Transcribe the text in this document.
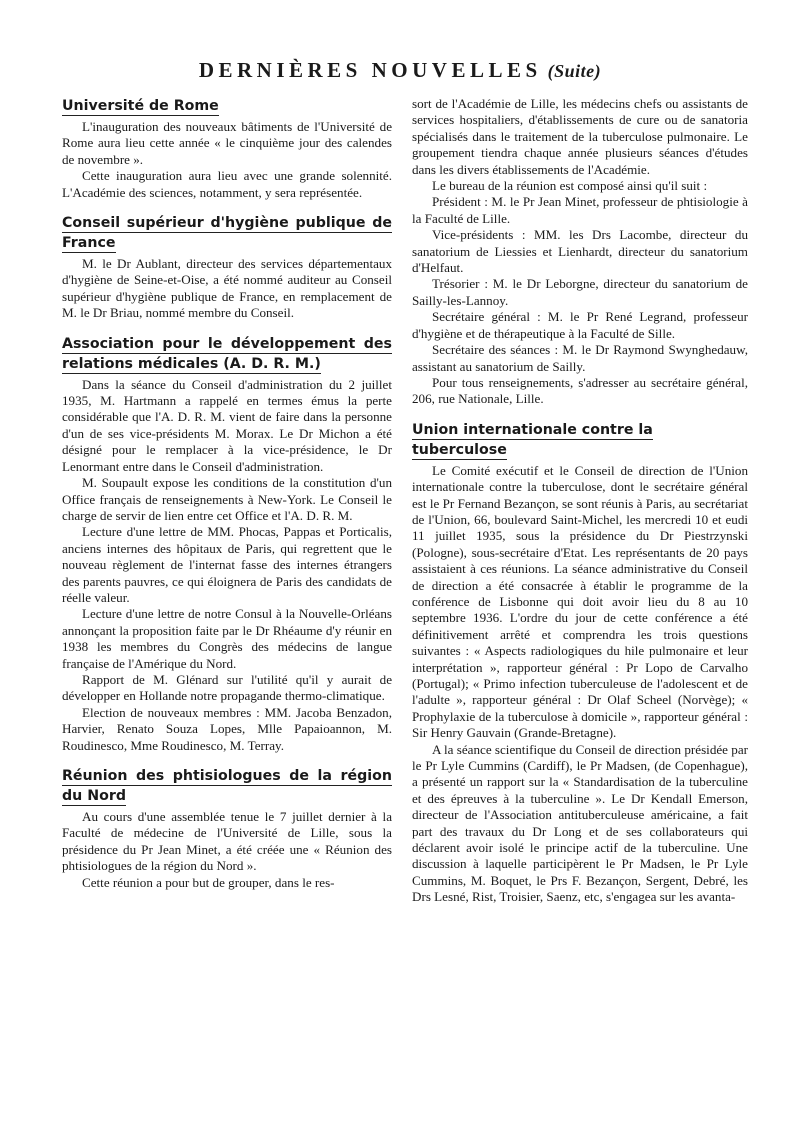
DERNIÈRES NOUVELLES (Suite)
Université de Rome

L'inauguration des nouveaux bâtiments de l'Université de Rome aura lieu cette année « le cinquième jour des calendes de novembre ».

Cette inauguration aura lieu avec une grande solennité. L'Académie des sciences, notamment, y sera représentée.

Conseil supérieur d'hygiène publique de France

M. le Dr Aublant, directeur des services départementaux d'hygiène de Seine-et-Oise, a été nommé auditeur au Conseil supérieur d'hygiène publique de France, en remplacement de M. le Dr Briau, nommé membre du Conseil.

Association pour le développement des relations médicales (A. D. R. M.)

Dans la séance du Conseil d'administration du 2 juillet 1935, M. Hartmann a rappelé en termes émus la perte considérable que l'A. D. R. M. vient de faire dans la personne d'un de ses vice-présidents M. Morax. Le Dr Michon a été désigné pour le remplacer à la vice-présidence, le Dr Lenormant entre dans le Conseil d'administration.

M. Soupault expose les conditions de la constitution d'un Office français de renseignements à New-York. Le Conseil le charge de servir de lien entre cet Office et l'A. D. R. M.

Lecture d'une lettre de MM. Phocas, Pappas et Porticalis, anciens internes des hôpitaux de Paris, qui regrettent que le nouveau règlement de l'internat fasse des internes étrangers des parents pauvres, ce qui éloignera de Paris des candidats de réelle valeur.

Lecture d'une lettre de notre Consul à la Nouvelle-Orléans annonçant la proposition faite par le Dr Rhéaume d'y réunir en 1938 les membres du Congrès des médecins de langue française de l'Amérique du Nord.

Rapport de M. Glénard sur l'utilité qu'il y aurait de développer en Hollande notre propagande thermo-climatique.

Election de nouveaux membres : MM. Jacoba Benzadon, Harvier, Renato Souza Lopes, Mlle Papaioannon, M. Roudinesco, Mme Roudinesco, M. Terray.

Réunion des phtisiologues de la région du Nord

Au cours d'une assemblée tenue le 7 juillet dernier à la Faculté de médecine de l'Université de Lille, sous la présidence du Pr Jean Minet, a été créée une « Réunion des phtisiologues de la région du Nord ».

Cette réunion a pour but de grouper, dans le res-

sort de l'Académie de Lille, les médecins chefs ou assistants de services hospitaliers, d'établissements de cure ou de sanatoria spécialisés dans le traitement de la tuberculose pulmonaire. Le groupement tiendra chaque année plusieurs séances d'études dans les divers établissements de l'Académie.

Le bureau de la réunion est composé ainsi qu'il suit :

Président : M. le Pr Jean Minet, professeur de phtisiologie à la Faculté de Lille.

Vice-présidents : MM. les Drs Lacombe, directeur du sanatorium de Liessies et Lienhardt, directeur du sanatorium d'Helfaut.

Trésorier : M. le Dr Leborgne, directeur du sanatorium de Sailly-les-Lannoy.

Secrétaire général : M. le Pr René Legrand, professeur d'hygiène et de thérapeutique à la Faculté de Sille.

Secrétaire des séances : M. le Dr Raymond Swynghedauw, assistant au sanatorium de Sailly.

Pour tous renseignements, s'adresser au secrétaire général, 206, rue Nationale, Lille.

Union internationale contre la tuberculose

Le Comité exécutif et le Conseil de direction de l'Union internationale contre la tuberculose, dont le secrétaire général est le Pr Fernand Bezançon, se sont réunis à Paris, au secrétariat de l'Union, 66, boulevard Saint-Michel, les mercredi 10 et eudi 11 juillet 1935, sous la présidence du Dr Piestrzynski (Pologne), sous-secrétaire d'Etat. Les représentants de 20 pays assistaient à ces réunions. La séance administrative du Conseil de direction a été consacrée à établir le programme de la conférence de Lisbonne qui doit avoir lieu du 8 au 10 septembre 1936. L'ordre du jour de cette conférence a été définitivement arrêté et comprendra les trois questions suivantes : « Aspects radiologiques du hile pulmonaire et leur interprétation », rapporteur général : Pr Lopo de Carvalho (Portugal); « Primo infection tuberculeuse de l'adolescent et de l'adulte », rapporteur général : Dr Olaf Scheel (Norvège); « Prophylaxie de la tuberculose à domicile », rapporteur général : Sir Henry Gauvain (Grande-Bretagne).

A la séance scientifique du Conseil de direction présidée par le Pr Lyle Cummins (Cardiff), le Pr Madsen, (de Copenhague), a présenté un rapport sur la « Standardisation de la tuberculine et des épreuves à la tuberculine ». Le Dr Kendall Emerson, directeur de l'Association antituberculeuse américaine, a fait part des travaux du Dr Long et de ses collaborateurs qui déclarent avoir isolé le principe actif de la tuberculine. Une discussion à laquelle participèrent le Pr Madsen, le Pr Lyle Cummins, M. Boquet, le Prs F. Bezançon, Sergent, Debré, les Drs Lesné, Rist, Troisier, Saenz, etc, s'engagea sur les avanta-
